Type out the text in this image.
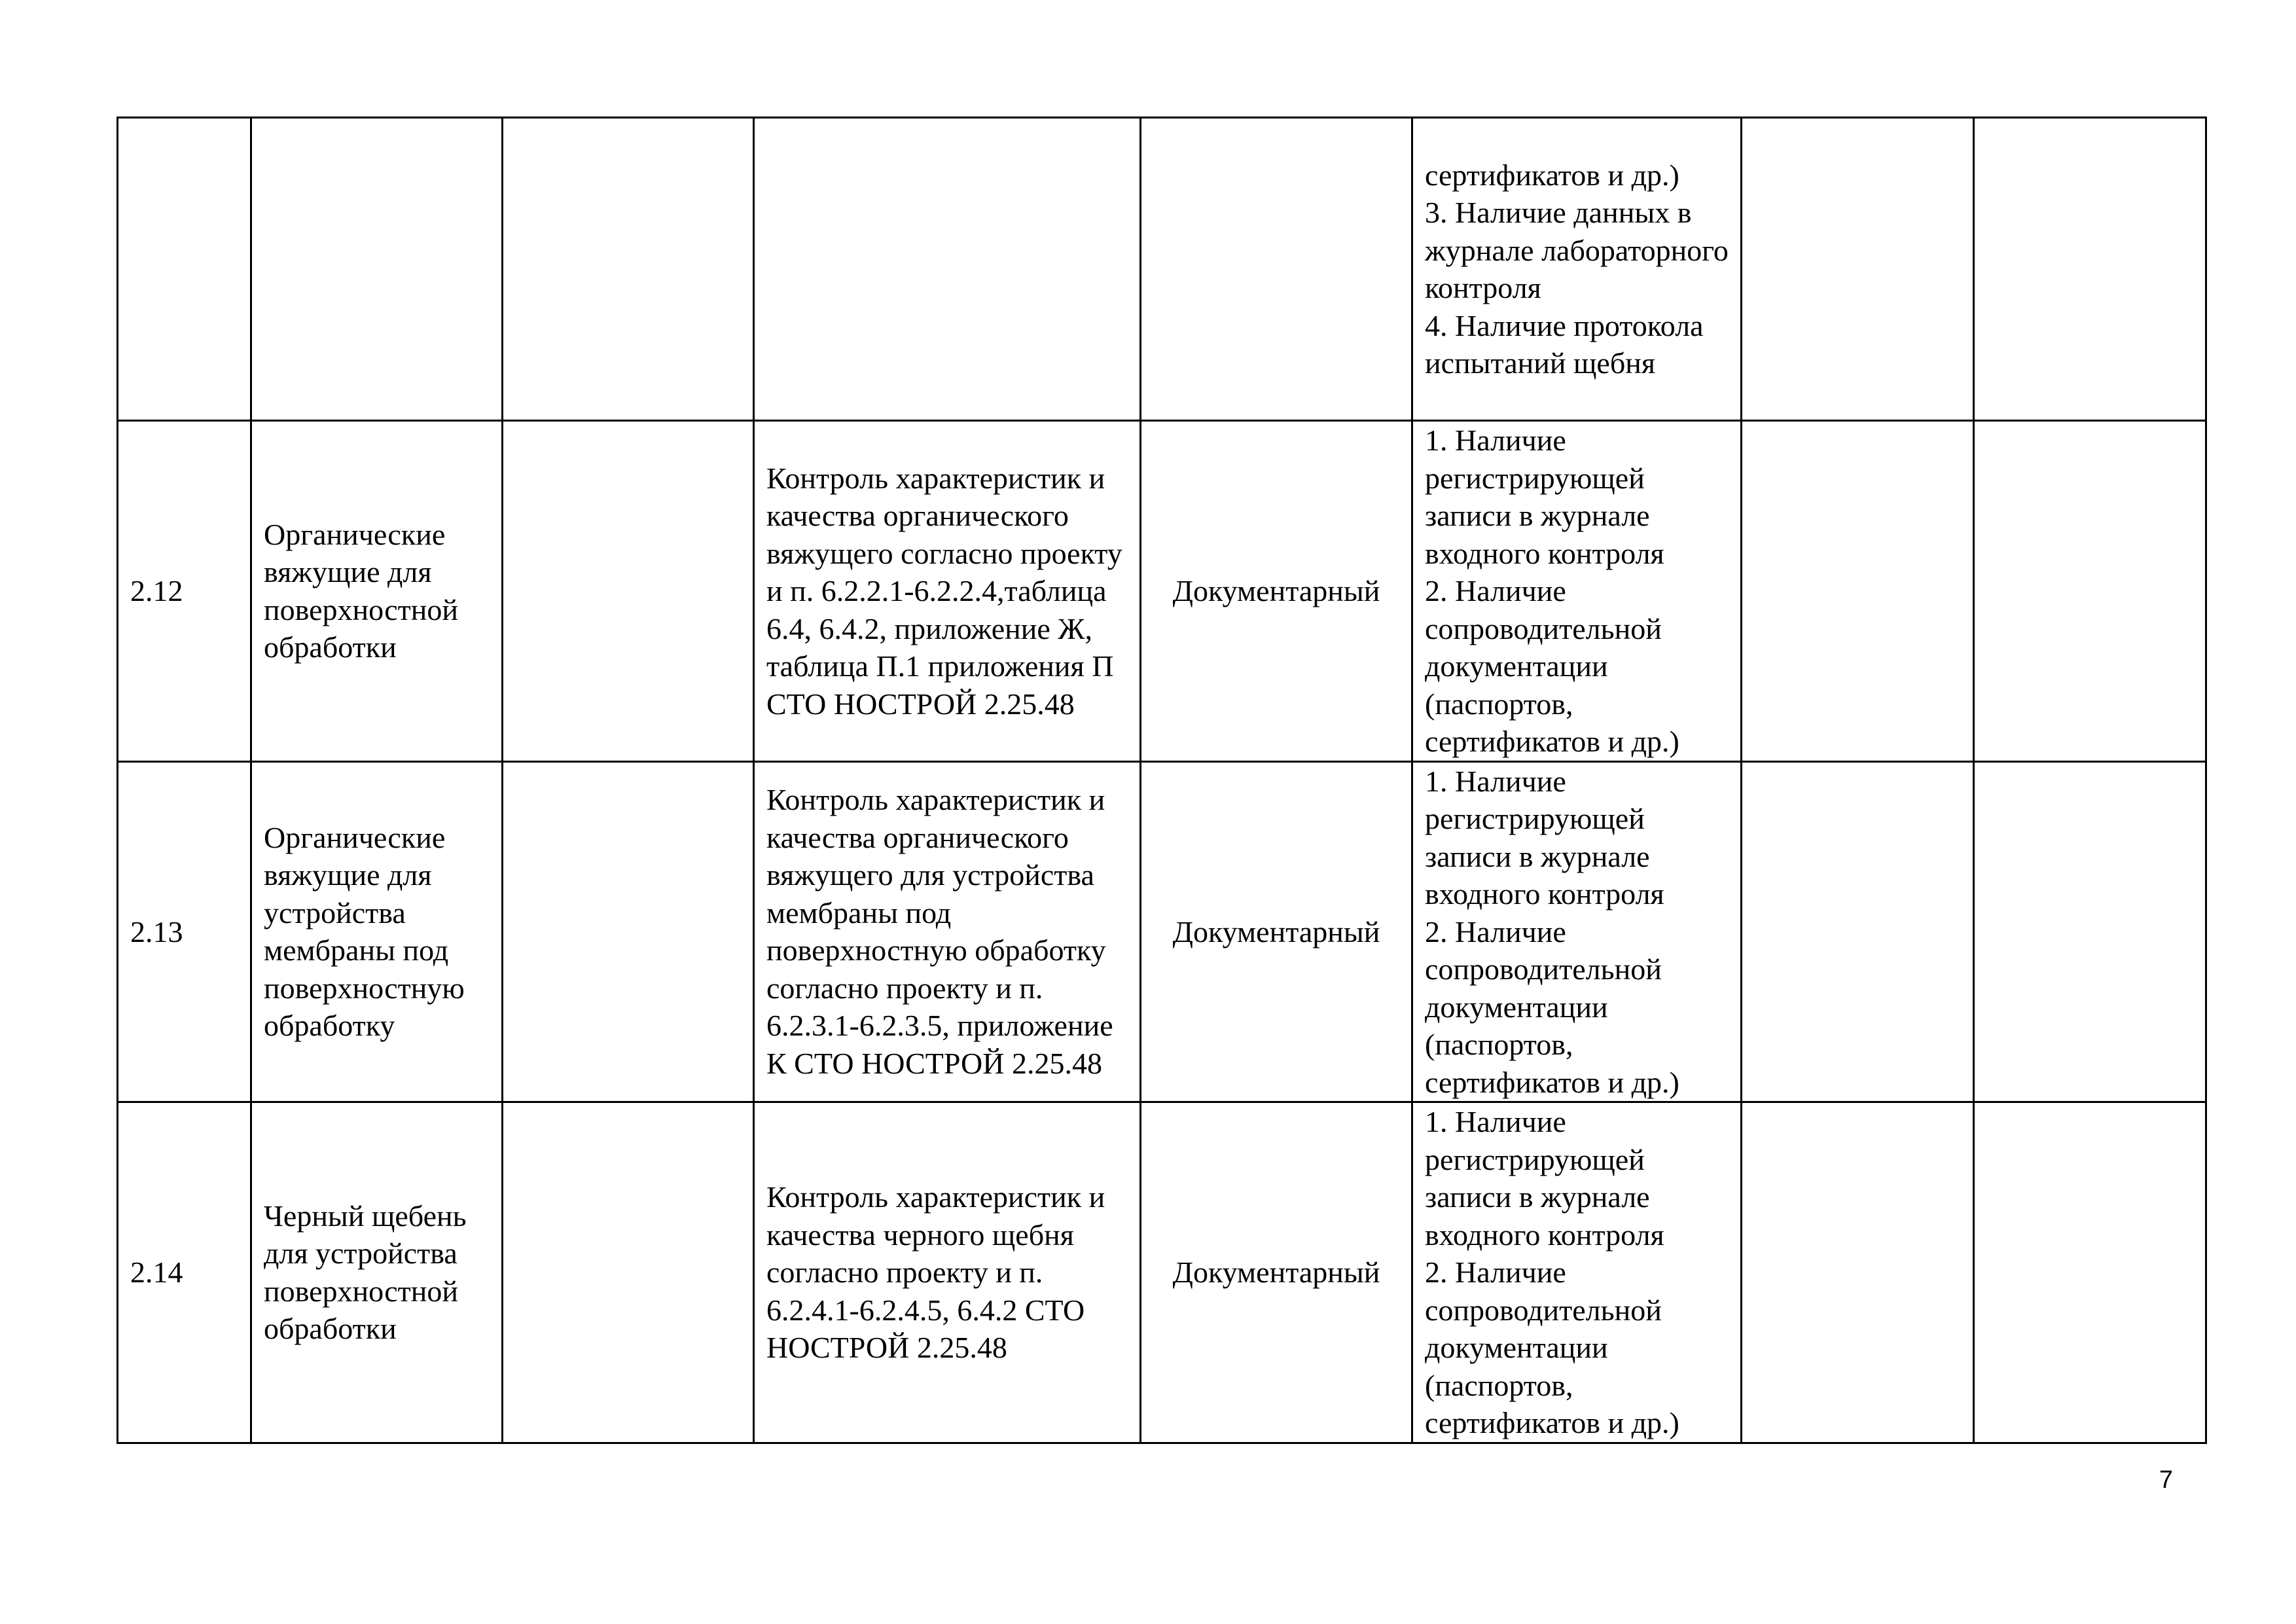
					сертификатов и др.)
3. Наличие данных в журнале лабораторного контроля
4. Наличие протокола испытаний щебня		

2.12	Органические вяжущие для поверхностной обработки		Контроль характеристик и качества органического вяжущего согласно проекту и п. 6.2.2.1-6.2.2.4,таблица 6.4, 6.4.2, приложение Ж, таблица П.1 приложения П СТО НОСТРОЙ 2.25.48	Документарный	1. Наличие регистрирующей записи в журнале входного контроля
2. Наличие сопроводительной документации (паспортов, сертификатов и др.)		

2.13	Органические вяжущие для устройства мембраны под поверхностную обработку		Контроль характеристик и качества органического вяжущего для устройства мембраны под поверхностную обработку согласно проекту и п. 6.2.3.1-6.2.3.5, приложение К СТО НОСТРОЙ 2.25.48	Документарный	1. Наличие регистрирующей записи в журнале входного контроля
2. Наличие сопроводительной документации (паспортов, сертификатов и др.)		

2.14	Черный щебень для устройства поверхностной обработки		Контроль характеристик и качества черного щебня согласно проекту и п. 6.2.4.1-6.2.4.5, 6.4.2 СТО НОСТРОЙ 2.25.48	Документарный	1. Наличие регистрирующей записи в журнале входного контроля
2. Наличие сопроводительной документации (паспортов, сертификатов и др.)		

7
